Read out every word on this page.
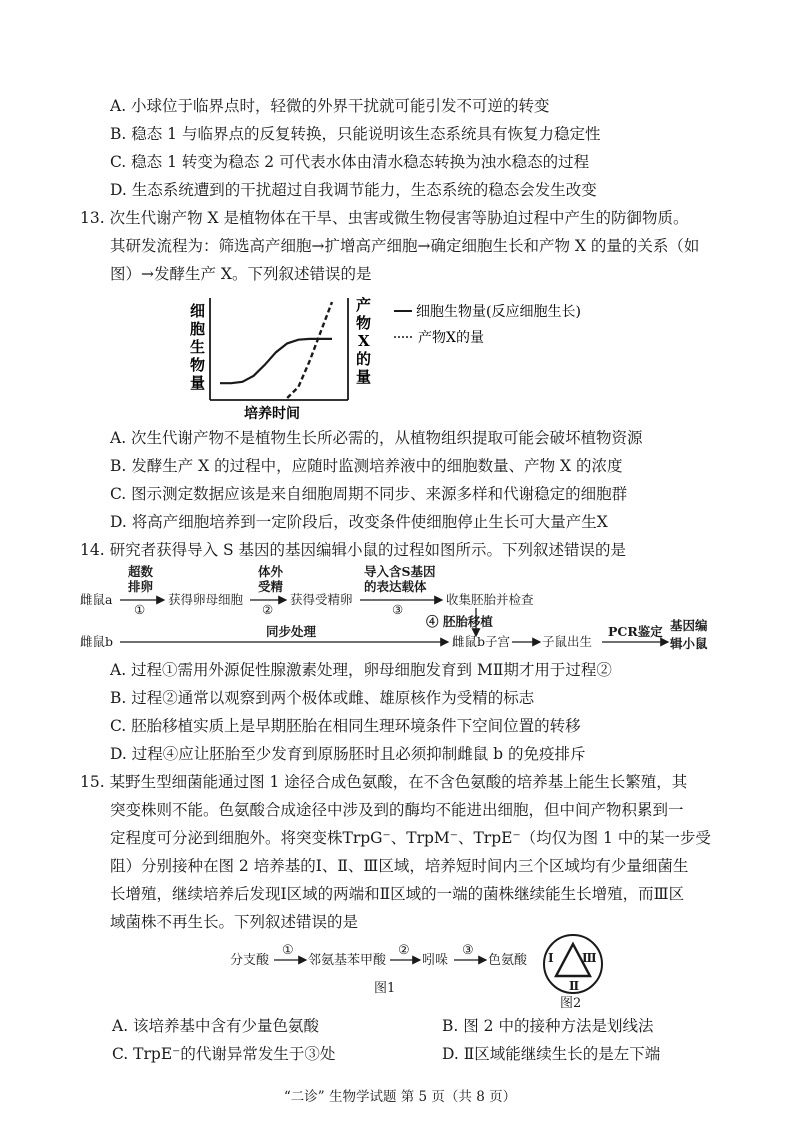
A. 小球位于临界点时，轻微的外界干扰就可能引发不可逆的转变
B. 稳态 1 与临界点的反复转换，只能说明该生态系统具有恢复力稳定性
C. 稳态 1 转变为稳态 2 可代表水体由清水稳态转换为浊水稳态的过程
D. 生态系统遭到的干扰超过自我调节能力，生态系统的稳态会发生改变
13. 次生代谢产物 X 是植物体在干旱、虫害或微生物侵害等胁迫过程中产生的防御物质。
其研发流程为：筛选高产细胞→扩增高产细胞→确定细胞生长和产物 X 的量的关系（如
图）→发酵生产 X。下列叙述错误的是
细
胞
生
物
量
产
物
X
的
量
培养时间
细胞生物量(反应细胞生长)
产物X的量
A. 次生代谢产物不是植物生长所必需的，从植物组织提取可能会破坏植物资源
B. 发酵生产 X 的过程中，应随时监测培养液中的细胞数量、产物 X 的浓度
C. 图示测定数据应该是来自细胞周期不同步、来源多样和代谢稳定的细胞群
D. 将高产细胞培养到一定阶段后，改变条件使细胞停止生长可大量产生X
14. 研究者获得导入 S 基因的基因编辑小鼠的过程如图所示。下列叙述错误的是
雌鼠a
超数
排卵
①
获得卵母细胞
体外
受精
②
获得受精卵
导入含S基因
的表达载体
③
收集胚胎并检查
④ 胚胎移植
雌鼠b
同步处理
雌鼠b子宫	子鼠出生
PCR鉴定 基因编
辑小鼠
A. 过程①需用外源促性腺激素处理，卵母细胞发育到 MⅡ期才用于过程②
B. 过程②通常以观察到两个极体或雌、雄原核作为受精的标志
C. 胚胎移植实质上是早期胚胎在相同生理环境条件下空间位置的转移
D. 过程④应让胚胎至少发育到原肠胚时且必须抑制雌鼠 b 的免疫排斥
15. 某野生型细菌能通过图 1 途径合成色氨酸，在不含色氨酸的培养基上能生长繁殖，其
突变株则不能。色氨酸合成途径中涉及到的酶均不能进出细胞，但中间产物积累到一
定程度可分泌到细胞外。将突变株TrpG⁻、TrpM⁻、TrpE⁻（均仅为图 1 中的某一步受
阻）分别接种在图 2 培养基的Ⅰ、Ⅱ、Ⅲ区域，培养短时间内三个区域均有少量细菌生
长增殖，继续培养后发现Ⅰ区域的两端和Ⅱ区域的一端的菌株继续能生长增殖，而Ⅲ区
域菌株不再生长。下列叙述错误的是
分支酸
①
邻氨基苯甲酸
②
吲哚
③
色氨酸
图1
Ⅰ Ⅲ
Ⅱ
图2
A. 该培养基中含有少量色氨酸	B. 图 2 中的接种方法是划线法
C. TrpE⁻的代谢异常发生于③处	D. Ⅱ区域能继续生长的是左下端
“二诊” 生物学试题 第 5 页（共 8 页）
